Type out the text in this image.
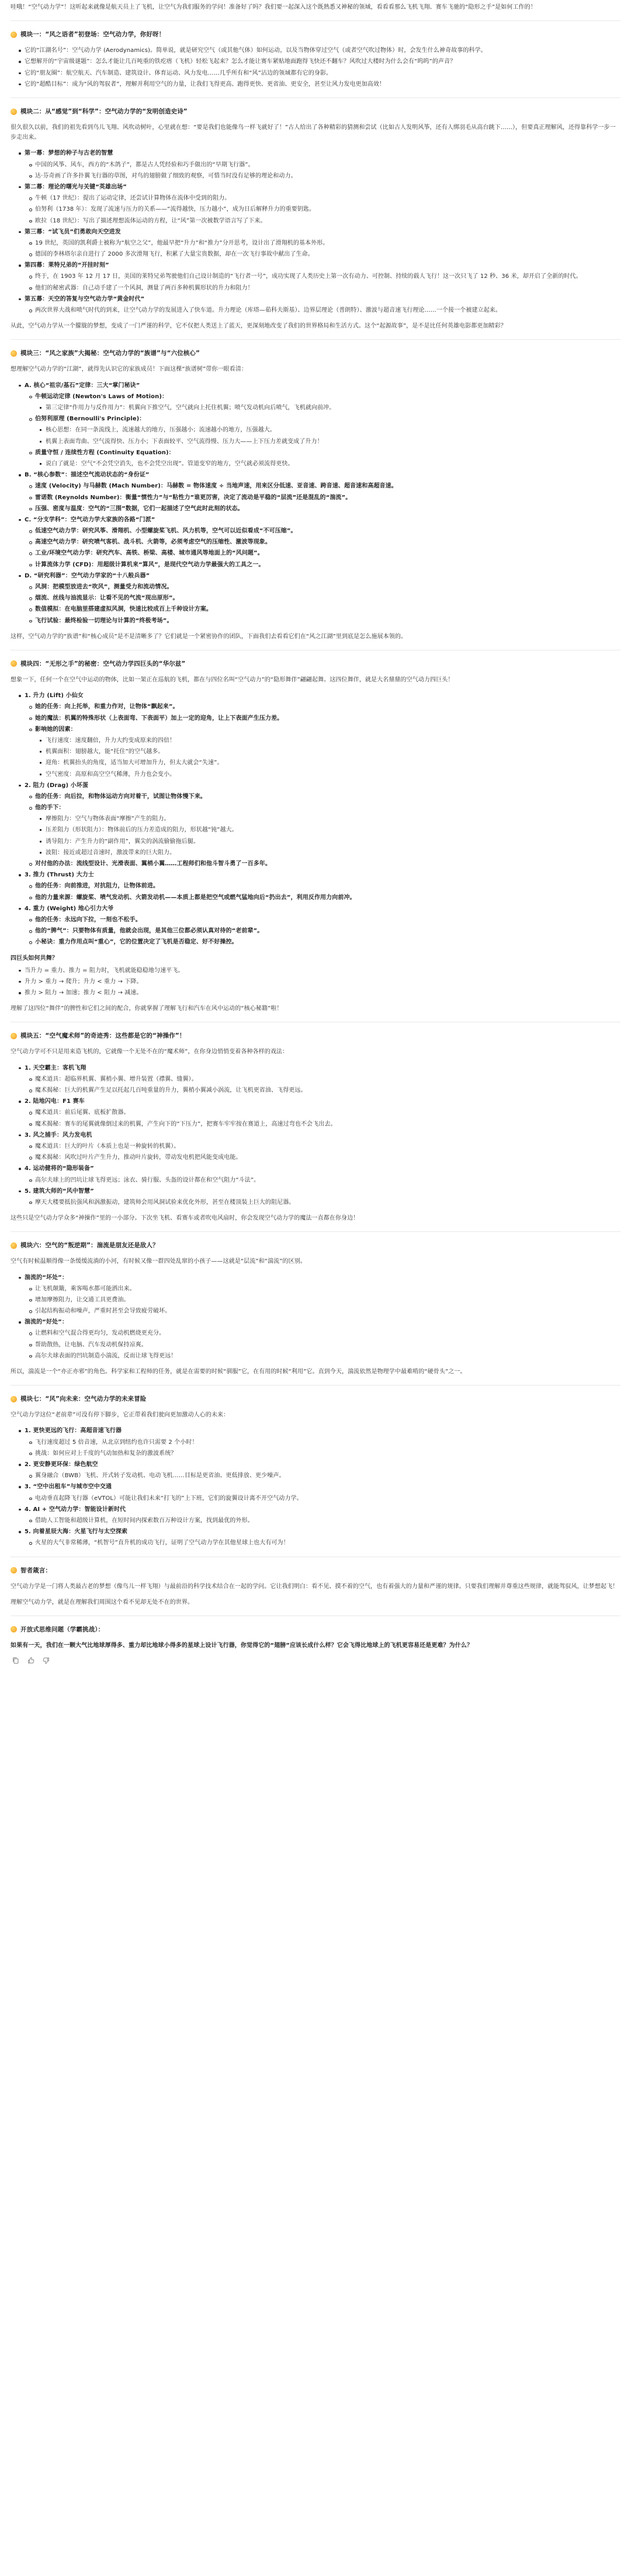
哇哦！“空气动力学”！这听起来就像是航天员上了飞机，让空气为我们服务的学问！准备好了吗？我们要一起深入这个既熟悉又神秘的领域，看看看那么飞机飞翔、赛车飞驰的“隐形之手”是如何工作的！
模块一：“风之语者”初登场：空气动力学，你好呀！
它的“江湖名号”：空气动力学 (Aerodynamics)。简单说，就是研究空气（或其他气体）如何运动，以及当物体穿过空气（或者空气吹过物体）时，会发生什么神奇故事的科学。
它想解开的“宇宙级谜题”：怎么才能让几百吨重的铁疙瘩（飞机）轻松飞起来？怎么才能让赛车紧贴地面跑得飞快还不翻车？风吹过大楼时为什么会有“呜呜”的声音？
它的“朋友圈”：航空航天、汽车制造、建筑设计、体育运动、风力发电……几乎所有和“风”沾边的领域都有它的身影。
它的“超酷目标”：成为“风的驾驭者”，理解并利用空气的力量，让我们飞得更高、跑得更快、更省油、更安全，甚至让风力发电更加高效！
模块二：从“感觉”到“科学”：空气动力学的“发明创造史诗”
很久很久以前，我们的祖先看到鸟儿飞翔、风吹动树叶，心里就在想：“要是我们也能像鸟一样飞就好了！”古人给出了各种精彩的猜测和尝试（比如古人发明风筝，还有人绑羽毛从高台跳下……），但要真正理解风，还得靠科学一步一步走出来。
第一幕：梦想的种子与古老的智慧
中国的风筝、风车，西方的“木鸽子”，都是古人凭经验和巧手做出的“早期飞行器”。
达·芬奇画了许多扑翼飞行器的草图，对鸟的翅膀做了细致的观察，可惜当时没有足够的理论和动力。
第二幕：理论的曙光与关键“英雄出场”
牛顿（17 世纪）：提出了运动定律，还尝试计算物体在流体中受到的阻力。
伯努利（1738 年）：发现了流速与压力的关系——“流得越快，压力越小”，成为日后解释升力的重要钥匙。
欧拉（18 世纪）：写出了描述理想流体运动的方程，让“风”第一次被数学语言写了下来。
第三幕：“试飞员”们勇敢向天空进发
19 世纪，英国的凯利爵士被称为“航空之父”，他最早把“升力”和“推力”分开思考，设计出了滑翔机的基本外形。
德国的李林塔尔亲自进行了 2000 多次滑翔飞行，积累了大量宝贵数据，却在一次飞行事故中献出了生命。
第四幕：莱特兄弟的“开挂时刻”
终于，在 1903 年 12 月 17 日，美国的莱特兄弟驾驶他们自己设计制造的“飞行者一号”，成功实现了人类历史上第一次有动力、可控制、持续的载人飞行！这一次只飞了 12 秒、36 米，却开启了全新的时代。
他们的秘密武器：自己动手建了一个风洞，测量了两百多种机翼形状的升力和阻力！
第五幕：天空的答复与空气动力学“黄金时代”
两次世界大战和喷气时代的到来，让空气动力学的发展进入了快车道。升力理论（库塔—茹科夫斯基）、边界层理论（普朗特）、激波与超音速飞行理论……一个接一个被建立起来。
从此，空气动力学从一个朦胧的梦想，变成了一门严谨的科学，它不仅把人类送上了蓝天，更深刻地改变了我们的世界格局和生活方式。这个“起源故事”，是不是比任何英雄电影都更加精彩？
模块三：“风之家族”大揭秘：空气动力学的“族谱”与“六位核心”
想理解空气动力学的“江湖”，就得先认识它的家族成员！下面这棵“族谱树”带你一眼看清：
A. 核心“祖宗/基石”定律：三大“掌门秘诀”
牛顿运动定律 (Newton's Laws of Motion)：
第三定律“作用力与反作用力”：机翼向下推空气，空气就向上托住机翼；喷气发动机向后喷气，飞机就向前冲。
伯努利原理 (Bernoulli's Principle)：
核心思想：在同一条流线上，流速越大的地方，压强越小；流速越小的地方，压强越大。
机翼上表面弯曲、空气流得快、压力小；下表面较平、空气流得慢、压力大——上下压力差就变成了升力！
质量守恒 / 连续性方程 (Continuity Equation)：
说白了就是：空气“不会凭空消失，也不会凭空出现”。管道变窄的地方，空气就必须流得更快。
B. “核心参数”：描述空气流动状态的“身份证”
速度 (Velocity) 与马赫数 (Mach Number)：马赫数 = 物体速度 ÷ 当地声速，用来区分低速、亚音速、跨音速、超音速和高超音速。
雷诺数 (Reynolds Number)：衡量“惯性力”与“粘性力”谁更厉害，决定了流动是平稳的“层流”还是混乱的“湍流”。
压强、密度与温度：空气的“三围”数据，它们一起描述了空气此时此刻的状态。
C. “分支学科”：空气动力学大家族的各路“门派”
低速空气动力学：研究风筝、滑翔机、小型螺旋桨飞机、风力机等，空气可以近似看成“不可压缩”。
高速空气动力学：研究喷气客机、战斗机、火箭等，必须考虑空气的压缩性、激波等现象。
工业/环境空气动力学：研究汽车、高铁、桥梁、高楼、城市通风等地面上的“风问题”。
计算流体力学 (CFD)：用超级计算机来“算风”，是现代空气动力学最强大的工具之一。
D. “研究利器”：空气动力学家的“十八般兵器”
风洞：把模型放进去“吹风”，测量受力和流动情况。
烟流、丝线与油流显示：让看不见的气流“现出原形”。
数值模拟：在电脑里搭建虚拟风洞，快速比较成百上千种设计方案。
飞行试验：最终检验一切理论与计算的“终极考场”。
这样，空气动力学的“族谱”和“核心成员”是不是清晰多了？它们就是一个紧密协作的团队，下面我们去看看它们在“风之江湖”里到底是怎么施展本领的。
模块四：“无形之手”的秘密：空气动力学四巨头的“华尔兹”
想象一下，任何一个在空气中运动的物体，比如一架正在巡航的飞机，都在与四位名叫“空气动力”的“隐形舞伴”翩翩起舞。这四位舞伴，就是大名鼎鼎的空气动力四巨头！
1. 升力 (Lift) 小仙女
她的任务：向上托举，和重力作对，让物体“飘起来”。
她的魔法：机翼的特殊形状（上表面弯、下表面平）加上一定的迎角，让上下表面产生压力差。
影响她的因素：
飞行速度：速度翻倍，升力大约变成原来的四倍！
机翼面积：翅膀越大，能“托住”的空气越多。
迎角：机翼抬头的角度，适当加大可增加升力，但太大就会“失速”。
空气密度：高原和高空空气稀薄，升力也会变小。
2. 阻力 (Drag) 小坏蛋
他的任务：向后拉，和物体运动方向对着干，试图让物体慢下来。
他的手下：
摩擦阻力：空气与物体表面“摩擦”产生的阻力。
压差阻力（形状阻力）：物体前后的压力差造成的阻力，形状越“钝”越大。
诱导阻力：产生升力的“副作用”，翼尖的涡流偷偷拖后腿。
波阻：接近或超过音速时，激波带来的巨大阻力。
对付他的办法：流线型设计、光滑表面、翼梢小翼……工程师们和他斗智斗勇了一百多年。
3. 推力 (Thrust) 大力士
他的任务：向前推进，对抗阻力，让物体前进。
他的力量来源：螺旋桨、喷气发动机、火箭发动机——本质上都是把空气或燃气猛地向后“扔出去”，利用反作用力向前冲。
4. 重力 (Weight) 地心引力大爷
他的任务：永远向下拉，一刻也不松手。
他的“脾气”：只要物体有质量，他就会出现，是其他三位都必须认真对待的“老前辈”。
小秘诀：重力作用点叫“重心”，它的位置决定了飞机是否稳定、好不好操控。
四巨头如何共舞？
当升力 = 重力、推力 = 阻力时，飞机就能稳稳地匀速平飞。
升力 > 重力 → 爬升；升力 < 重力 → 下降。
推力 > 阻力 → 加速；推力 < 阻力 → 减速。
理解了这四位“舞伴”的脾性和它们之间的配合，你就掌握了理解飞行和汽车在风中运动的“核心秘籍”啦！
模块五：“空气魔术师”的奇迹秀：这些都是它的“神操作”！
空气动力学可不只是用来造飞机的，它就像一个无处不在的“魔术师”，在你身边悄悄变着各种各样的戏法：
1. 天空霸主：客机飞翔
魔术道具：超临界机翼、翼梢小翼、增升装置（襟翼、缝翼）。
魔术揭秘：巨大的机翼产生足以托起几百吨重量的升力，翼梢小翼减小涡流，让飞机更省油、飞得更远。
2. 陆地闪电：F1 赛车
魔术道具：前后尾翼、底板扩散器。
魔术揭秘：赛车的尾翼就像倒过来的机翼，产生向下的“下压力”，把赛车牢牢按在赛道上，高速过弯也不会飞出去。
3. 风之捕手：风力发电机
魔术道具：巨大的叶片（本质上也是一种旋转的机翼）。
魔术揭秘：风吹过叶片产生升力，推动叶片旋转，带动发电机把风能变成电能。
4. 运动健将的“隐形装备”
高尔夫球上的凹坑让球飞得更远；泳衣、骑行服、头盔的设计都在和空气阻力“斗法”。
5. 建筑大师的“风中智慧”
摩天大楼要抵抗强风和涡激振动，建筑师会用风洞试验来优化外形，甚至在楼顶装上巨大的阻尼器。
这些只是空气动力学众多“神操作”里的一小部分。下次坐飞机、看赛车或者吹电风扇时，你会发现空气动力学的魔法一直都在你身边！
模块六：空气的“叛逆期”：湍流是朋友还是敌人？
空气有时候温顺得像一条缓缓流淌的小河，有时候又像一群四处乱窜的小孩子——这就是“层流”和“湍流”的区别。
湍流的“坏处”：
让飞机颠簸，乘客喝水都可能洒出来。
增加摩擦阻力，让交通工具更费油。
引起结构振动和噪声，严重时甚至会导致疲劳破坏。
湍流的“好处”：
让燃料和空气混合得更均匀，发动机燃烧更充分。
帮助散热，让电脑、汽车发动机保持凉爽。
高尔夫球表面的凹坑制造小湍流，反而让球飞得更远！
所以，湍流是一个“亦正亦邪”的角色。科学家和工程师的任务，就是在需要的时候“驯服”它，在有用的时候“利用”它。直到今天，湍流依然是物理学中最难啃的“硬骨头”之一。
模块七：“风”向未来：空气动力学的未来冒险
空气动力学这位“老前辈”可没有停下脚步，它正带着我们驶向更加激动人心的未来：
1. 更快更远的飞行：高超音速飞行器
飞行速度超过 5 倍音速，从北京到纽约也许只需要 2 个小时！
挑战：如何应对上千度的气动加热和复杂的激波系统？
2. 更安静更环保：绿色航空
翼身融合（BWB）飞机、开式转子发动机、电动飞机……目标是更省油、更低排放、更少噪声。
3. “空中出租车”与城市空中交通
电动垂直起降飞行器（eVTOL）可能让我们未来“打飞的”上下班，它们的旋翼设计离不开空气动力学。
4. AI + 空气动力学：智能设计新时代
借助人工智能和超级计算机，在短时间内探索数百万种设计方案，找到最优的外形。
5. 向着星辰大海：火星飞行与太空探索
火星的大气非常稀薄，“机智号”直升机的成功飞行，证明了空气动力学在其他星球上也大有可为！
智者箴言：
空气动力学是一门将人类最古老的梦想（像鸟儿一样飞翔）与最前沿的科学技术结合在一起的学问。它让我们明白：看不见、摸不着的空气，也有着强大的力量和严谨的规律。只要我们理解并尊重这些规律，就能驾驭风，让梦想起飞！
理解空气动力学，就是在理解我们周围这个看不见却无处不在的世界。
开放式思维问题（学霸挑战）：
如果有一天，我们在一颗大气比地球厚得多、重力却比地球小得多的星球上设计飞行器，你觉得它的“翅膀”应该长成什么样？它会飞得比地球上的飞机更容易还是更难？为什么？
